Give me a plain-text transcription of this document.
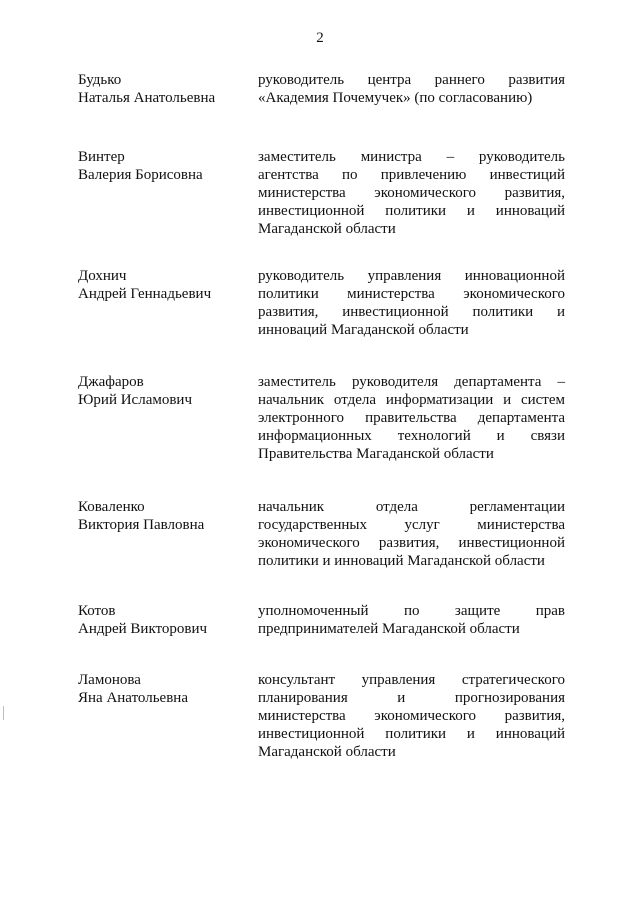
2
Будько
Наталья Анатольевна
руководитель центра раннего развития
«Академия Почемучек» (по согласованию)
Винтер
Валерия Борисовна
заместитель министра – руководитель
агентства по привлечению инвестиций
министерства экономического развития,
инвестиционной политики и инноваций
Магаданской области
Дохнич
Андрей Геннадьевич
руководитель управления инновационной
политики министерства экономического
развития, инвестиционной политики и
инноваций Магаданской области
Джафаров
Юрий Исламович
заместитель руководителя департамента –
начальник отдела информатизации и систем
электронного правительства департамента
информационных технологий и связи
Правительства Магаданской области
Коваленко
Виктория Павловна
начальник отдела регламентации
государственных услуг министерства
экономического развития, инвестиционной
политики и инноваций Магаданской области
Котов
Андрей Викторович
уполномоченный по защите прав
предпринимателей Магаданской области
Ламонова
Яна Анатольевна
консультант управления стратегического
планирования и прогнозирования
министерства экономического развития,
инвестиционной политики и инноваций
Магаданской области
